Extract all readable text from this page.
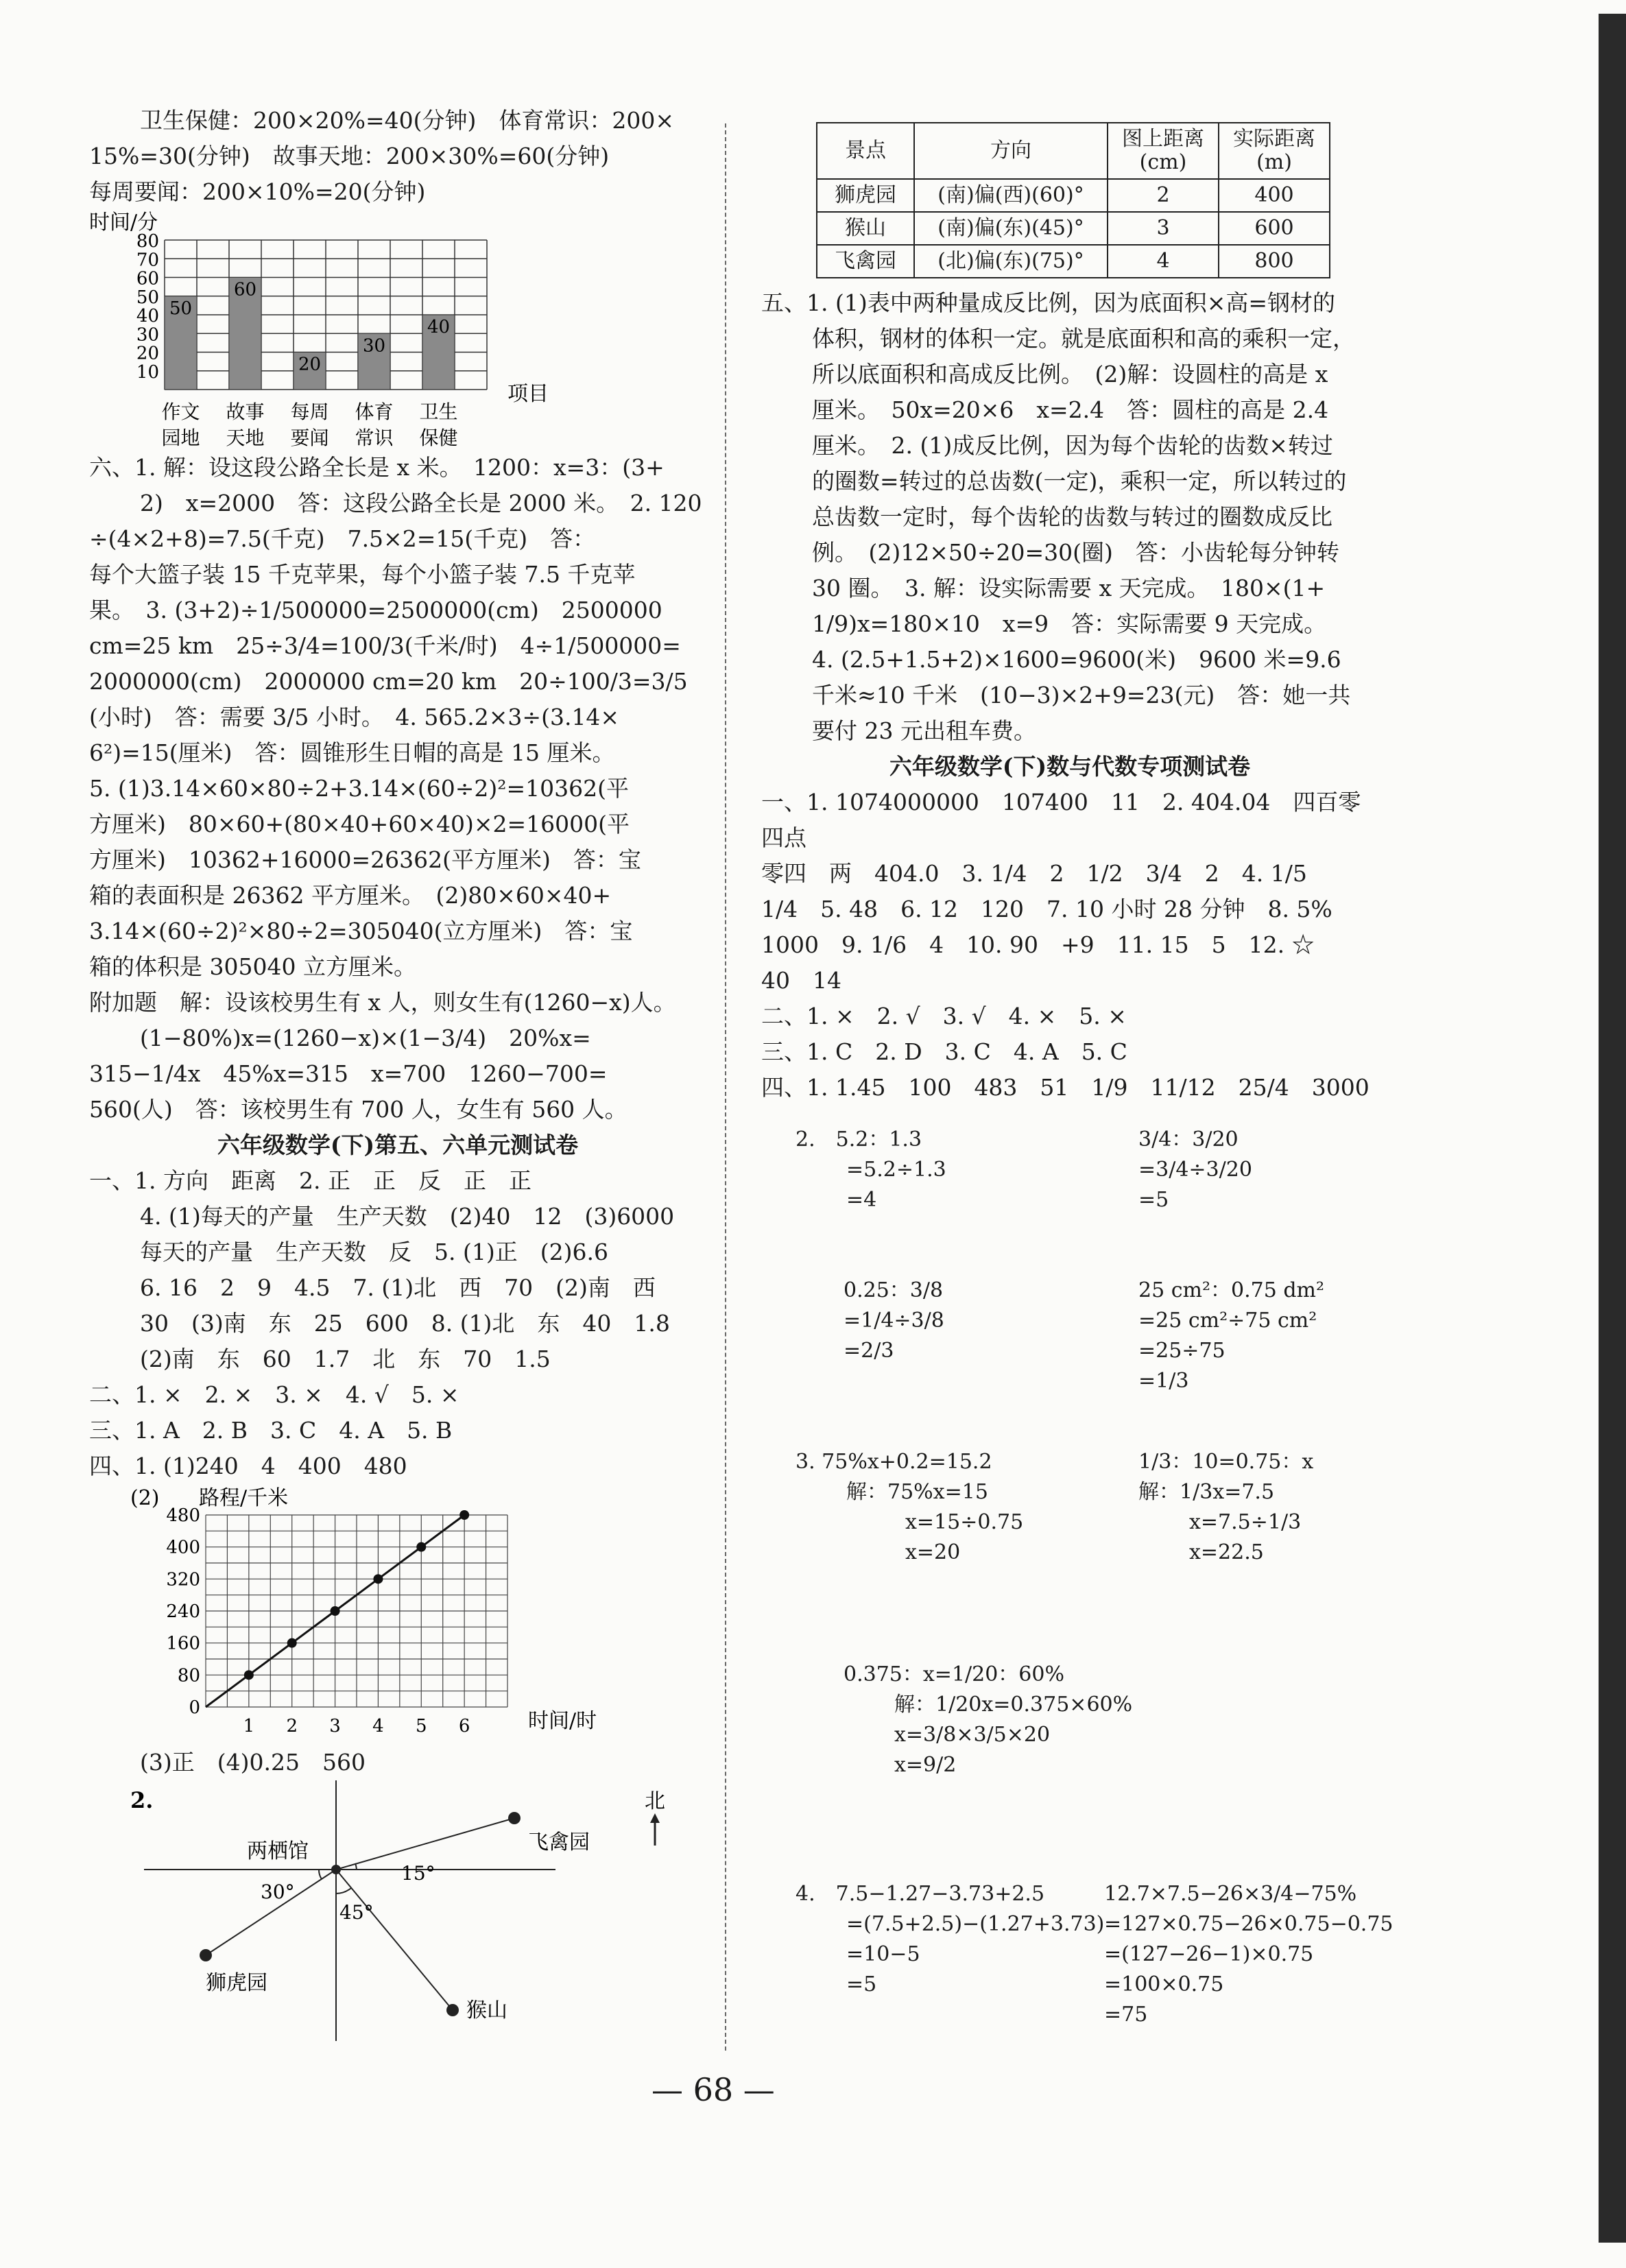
卫生保健：200×20%=40(分钟)　体育常识：200×

15%=30(分钟)　故事天地：200×30%=60(分钟)

每周要闻：200×10%=20(分钟)

时间/分
50
60
20
30
40
80
70
60
50
40
30
20
10
作文
园地
故事
天地
每周
要闻
体育
常识
卫生
保健
项目

六、1. 解：设这段公路全长是 x 米。　1200：x=3：(3+

2)　x=2000　答：这段公路全长是 2000 米。　2. 120

÷(4×2+8)=7.5(千克)　7.5×2=15(千克)　答：

每个大篮子装 15 千克苹果，每个小篮子装 7.5 千克苹

果。　3. (3+2)÷1/500000=2500000(cm)　2500000

cm=25 km　25÷3/4=100/3(千米/时)　4÷1/500000=

2000000(cm)　2000000 cm=20 km　20÷100/3=3/5

(小时)　答：需要 3/5 小时。　4. 565.2×3÷(3.14×

6²)=15(厘米)　答：圆锥形生日帽的高是 15 厘米。

5. (1)3.14×60×80÷2+3.14×(60÷2)²=10362(平

方厘米)　80×60+(80×40+60×40)×2=16000(平

方厘米)　10362+16000=26362(平方厘米)　答：宝

箱的表面积是 26362 平方厘米。　(2)80×60×40+

3.14×(60÷2)²×80÷2=305040(立方厘米)　答：宝

箱的体积是 305040 立方厘米。

附加题　解：设该校男生有 x 人，则女生有(1260−x)人。

(1−80%)x=(1260−x)×(1−3/4)　20%x=

315−1/4x　45%x=315　x=700　1260−700=

560(人)　答：该校男生有 700 人，女生有 560 人。

六年级数学(下)第五、六单元测试卷

一、1. 方向　距离　2. 正　正　反　正　正

4. (1)每天的产量　生产天数　(2)40　12　(3)6000

每天的产量　生产天数　反　5. (1)正　(2)6.6

6. 16　2　9　4.5　7. (1)北　西　70　(2)南　西

30　(3)南　东　25　600　8. (1)北　东　40　1.8

(2)南　东　60　1.7　北　东　70　1.5

二、1. ×　2. ×　3. ×　4. √　5. ×

三、1. A　2. B　3. C　4. A　5. B

四、1. (1)240　4　400　480

(2) 路程/千米
0
80
160
240
320
400
480
1 2 3 4 5 6	时间/时

(3)正　(4)0.25　560

2.
两栖馆	飞禽园
狮虎园
猴山
15°
30°
45°
北
景点	方向	图上距离(cm)	实际距离(m)
狮虎园	(南)偏(西)(60)°	2	400
猴山	(南)偏(东)(45)°	3	600
飞禽园	(北)偏(东)(75)°	4	800

五、1. (1)表中两种量成反比例，因为底面积×高=钢材的

体积，钢材的体积一定。就是底面积和高的乘积一定，

所以底面积和高成反比例。　(2)解：设圆柱的高是 x

厘米。　50x=20×6　x=2.4　答：圆柱的高是 2.4

厘米。　2. (1)成反比例，因为每个齿轮的齿数×转过

的圈数=转过的总齿数(一定)，乘积一定，所以转过的

总齿数一定时，每个齿轮的齿数与转过的圈数成反比

例。　(2)12×50÷20=30(圈)　答：小齿轮每分钟转

30 圈。　3. 解：设实际需要 x 天完成。　180×(1+

1/9)x=180×10　x=9　答：实际需要 9 天完成。

4. (2.5+1.5+2)×1600=9600(米)　9600 米=9.6

千米≈10 千米　(10−3)×2+9=23(元)　答：她一共

要付 23 元出租车费。

六年级数学(下)数与代数专项测试卷

一、1. 1074000000　107400　11　2. 404.04　四百零四点

零四　两　404.0　3. 1/4　2　1/2　3/4　2　4. 1/5

1/4　5. 48　6. 12　120　7. 10 小时 28 分钟　8. 5%

1000　9. 1/6　4　10. 90　+9　11. 15　5　12. ☆

40　14

二、1. ×　2. √　3. √　4. ×　5. ×

三、1. C　2. D　3. C　4. A　5. C

四、1. 1.45　100　483　51　1/9　11/12　25/4　3000

2.　5.2：1.3

=5.2÷1.3

=4

3/4：3/20

=3/4÷3/20

=5

0.25：3/8

=1/4÷3/8

=2/3

25 cm²：0.75 dm²

=25 cm²÷75 cm²

=25÷75

=1/3

3. 75%x+0.2=15.2

解：75%x=15

x=15÷0.75

x=20

1/3：10=0.75：x

解：1/3x=7.5

x=7.5÷1/3

x=22.5

0.375：x=1/20：60%

解：1/20x=0.375×60%

x=3/8×3/5×20

x=9/2

4.　7.5−1.27−3.73+2.5

=(7.5+2.5)−(1.27+3.73)

=10−5

=5

12.7×7.5−26×3/4−75%

=127×0.75−26×0.75−0.75

=(127−26−1)×0.75

=100×0.75

=75

— 68 —
